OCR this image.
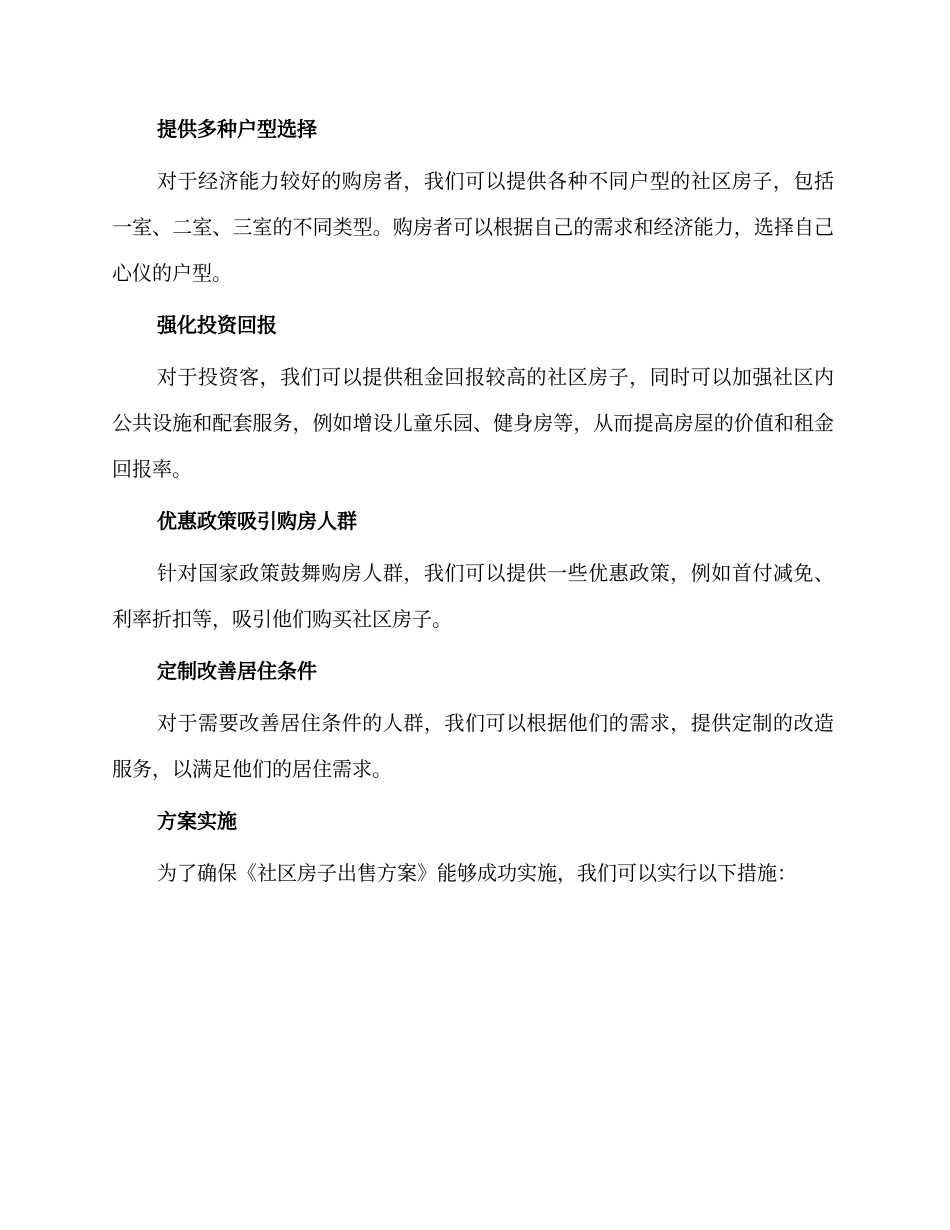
提供多种户型选择

对于经济能力较好的购房者，我们可以提供各种不同户型的社区房子，包括一室、二室、三室的不同类型。购房者可以根据自己的需求和经济能力，选择自己心仪的户型。

强化投资回报

对于投资客，我们可以提供租金回报较高的社区房子，同时可以加强社区内公共设施和配套服务，例如增设儿童乐园、健身房等，从而提高房屋的价值和租金回报率。

优惠政策吸引购房人群

针对国家政策鼓舞购房人群，我们可以提供一些优惠政策，例如首付减免、利率折扣等，吸引他们购买社区房子。

定制改善居住条件

对于需要改善居住条件的人群，我们可以根据他们的需求，提供定制的改造服务，以满足他们的居住需求。

方案实施

为了确保《社区房子出售方案》能够成功实施，我们可以实行以下措施：
